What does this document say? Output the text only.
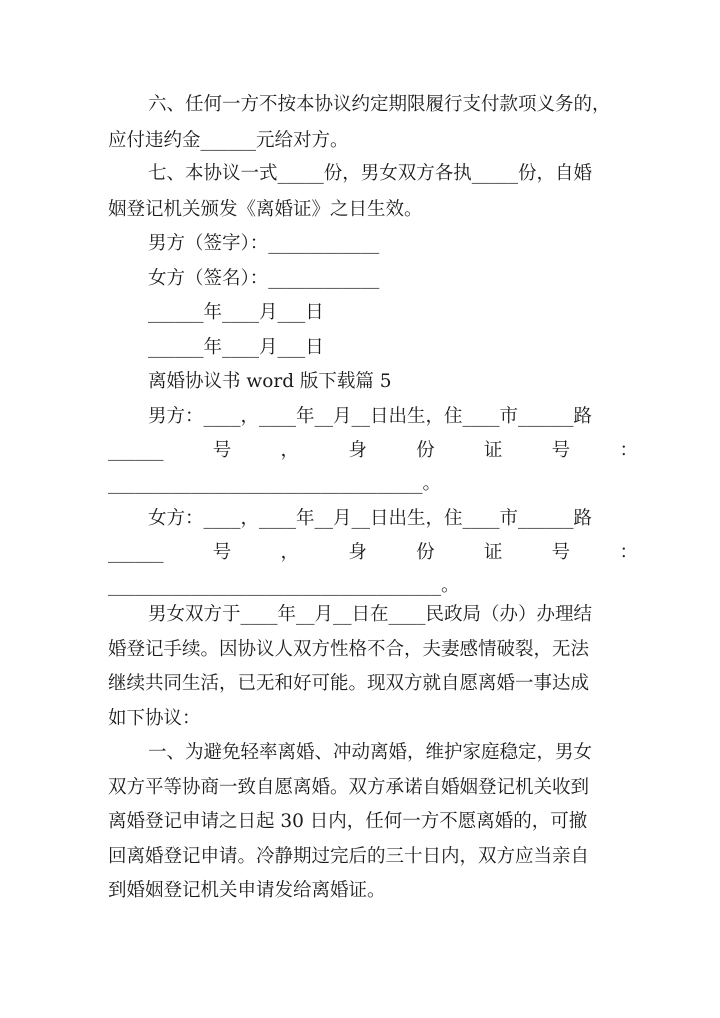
六、任何一方不按本协议约定期限履行支付款项义务的，
应付违约金______元给对方。
七、本协议一式_____份，男女双方各执_____份，自婚
姻登记机关颁发《离婚证》之日生效。
男方（签字）：____________
女方（签名）：____________
______年____月___日
______年____月___日
离婚协议书 word 版下载篇 5
男方：____，____年__月__日出生，住____市______路
______	号	，	身	份	证	号	：
__________________________________。
女方：____，____年__月__日出生，住____市______路
______	号	，	身	份	证	号	：
____________________________________。
男女双方于____年__月__日在____民政局（办）办理结
婚登记手续。因协议人双方性格不合，夫妻感情破裂，无法
继续共同生活，已无和好可能。现双方就自愿离婚一事达成
如下协议：
一、为避免轻率离婚、冲动离婚，维护家庭稳定，男女
双方平等协商一致自愿离婚。双方承诺自婚姻登记机关收到
离婚登记申请之日起 30 日内，任何一方不愿离婚的，可撤
回离婚登记申请。冷静期过完后的三十日内，双方应当亲自
到婚姻登记机关申请发给离婚证。
